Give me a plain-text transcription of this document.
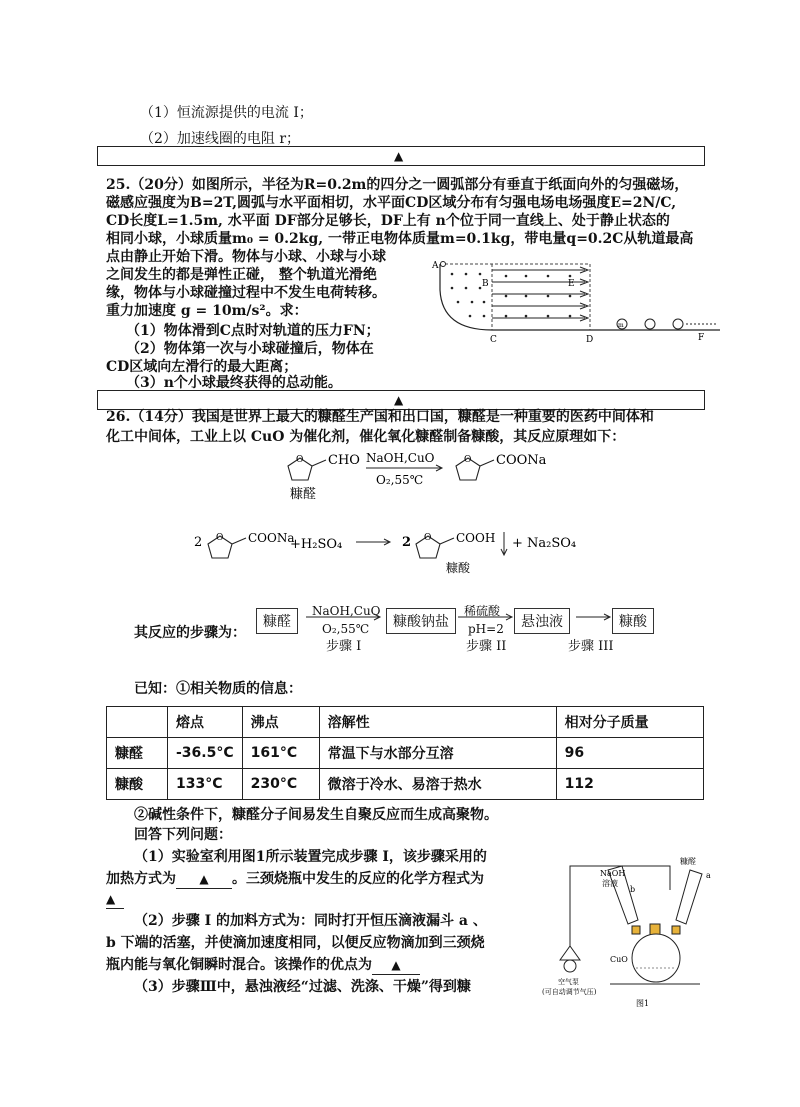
（1）恒流源提供的电流 I；
（2）加速线圈的电阻 r；
▲
25.（20分）如图所示，半径为R=0.2m的四分之一圆弧部分有垂直于纸面向外的匀强磁场，
磁感应强度为B=2T,圆弧与水平面相切，水平面CD区域分布有匀强电场电场强度E=2N/C,
CD长度L=1.5m, 水平面 DF部分足够长，DF上有 n个位于同一直线上、处于静止状态的
相同小球，小球质量m₀ = 0.2kg, 一带正电物体质量m=0.1kg，带电量q=0.2C从轨道最高
点由静止开始下滑。物体与小球、小球与小球
之间发生的都是弹性正碰， 整个轨道光滑绝
缘，物体与小球碰撞过程中不发生电荷转移。
重力加速度 g = 10m/s²。求：
（1）物体滑到C点时对轨道的压力FN；
（2）物体第一次与小球碰撞后，物体在
CD区域向左滑行的最大距离；
（3）n个小球最终获得的总动能。
▲
A
B
C	D
E
F
m
26.（14分）我国是世界上最大的糠醛生产国和出口国，糠醛是一种重要的医药中间体和
化工中间体，工业上以 CuO 为催化剂，催化氧化糠醛制备糠酸，其反应原理如下：
O CHO
糠醛
NaOH,CuO
O₂,55℃
O COONa
2 O COONa
+H₂SO₄	2 O COOH
糠酸
+ Na₂SO₄
其反应的步骤为：
糠醛
NaOH,CuO
O₂,55℃
步骤 I
糠酸钠盐
稀硫酸
pH=2
步骤 II
悬浊液
步骤 III
糠酸
已知：①相关物质的信息：
	熔点	沸点	溶解性	相对分子质量
糠醛	-36.5°C	161°C	常温下与水部分互溶	96
糠酸	133°C	230°C	微溶于冷水、易溶于热水	112
②碱性条件下，糠醛分子间易发生自聚反应而生成高聚物。
回答下列问题：
（1）实验室利用图1所示装置完成步骤 I，该步骤采用的
加热方式为 ▲ 。三颈烧瓶中发生的反应的化学方程式为
▲
（2）步骤 I 的加料方式为：同时打开恒压滴液漏斗 a 、
b 下端的活塞，并使滴加速度相同，以便反应物滴加到三颈烧
瓶内能与氧化铜瞬时混合。该操作的优点为 ▲
（3）步骤Ⅲ中，悬浊液经“过滤、洗涤、干燥”得到糠
NaOH
溶液
b
a
糠醛
CuO
空气泵
(可自动调节气压)
图1
